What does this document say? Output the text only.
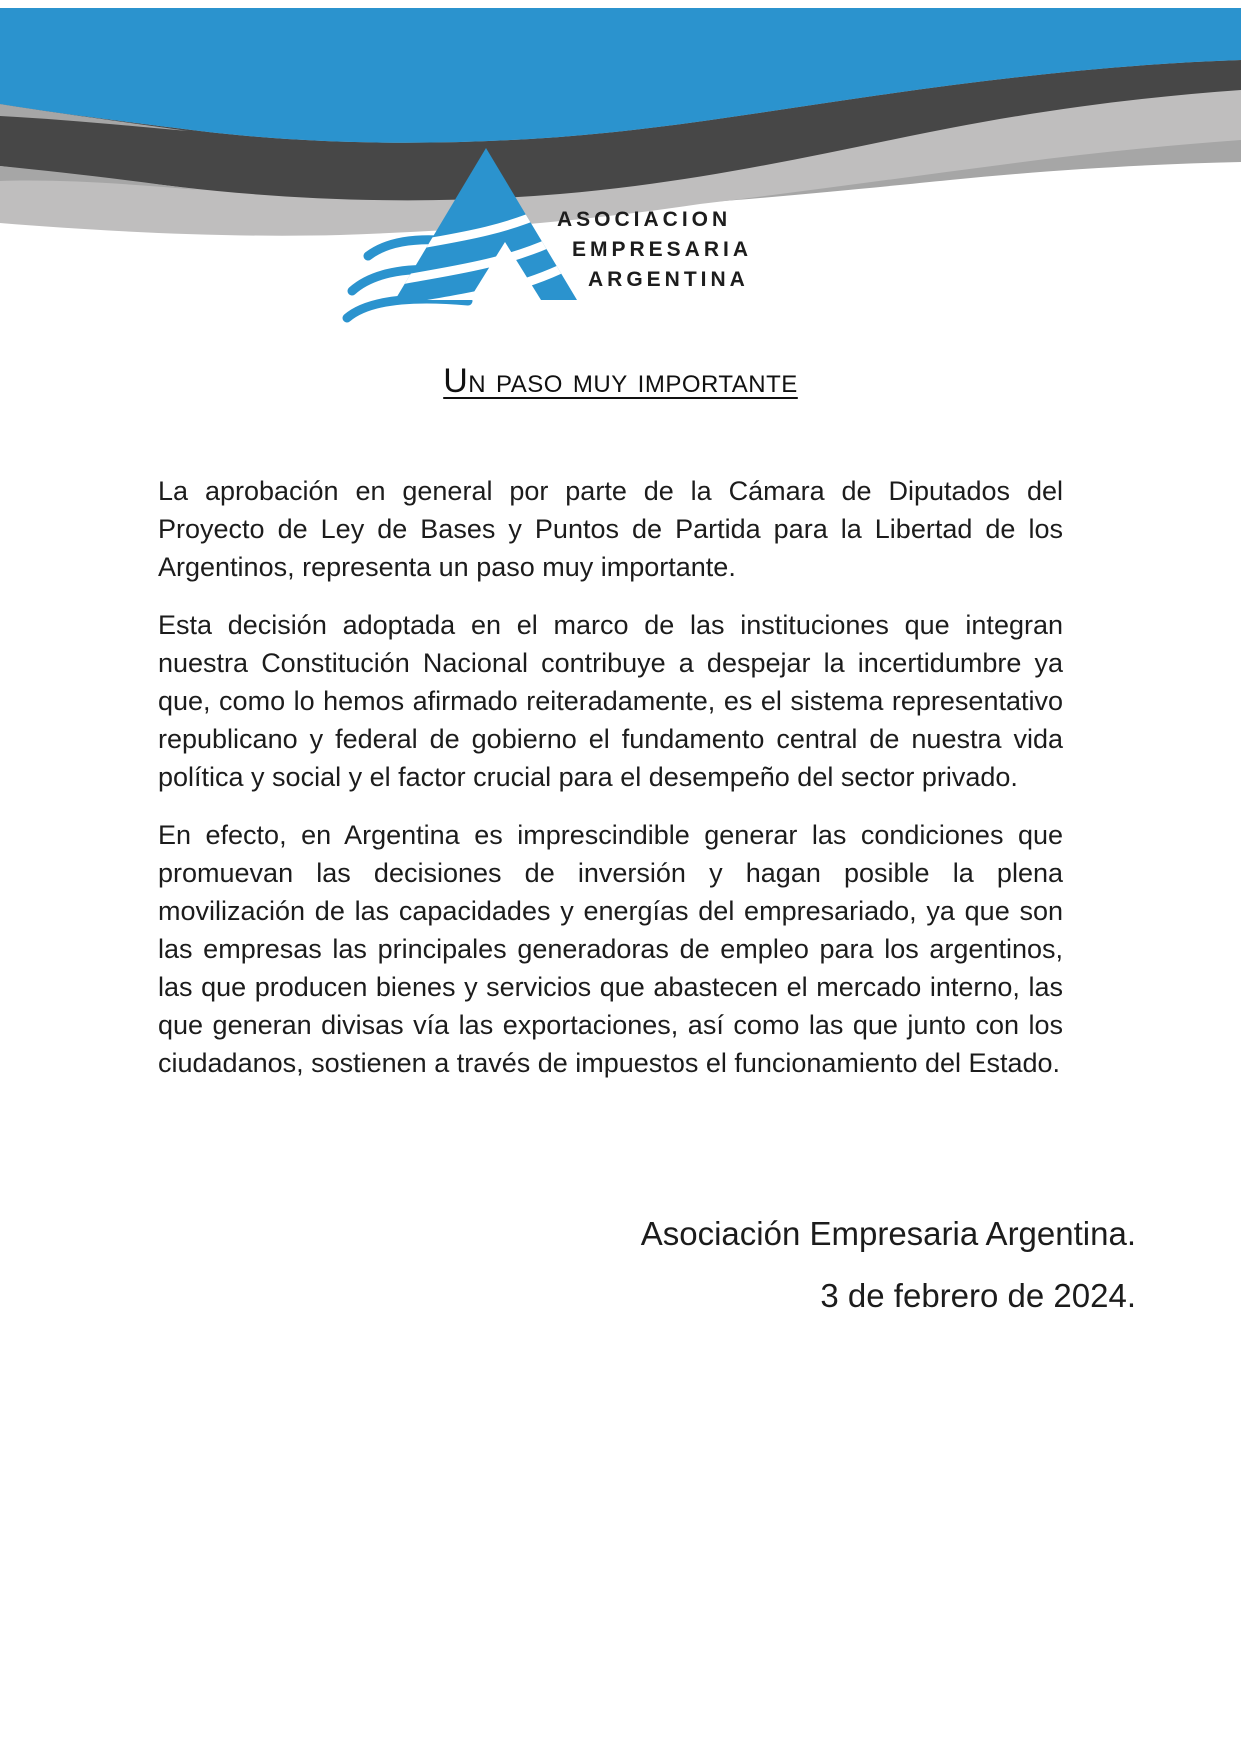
ASOCIACION
EMPRESARIA
ARGENTINA
Un paso muy importante

La aprobación en general por parte de la Cámara de Diputados del Proyecto de Ley de Bases y Puntos de Partida para la Libertad de los Argentinos, representa un paso muy importante.

Esta decisión adoptada en el marco de las instituciones que integran nuestra Constitución Nacional contribuye a despejar la incertidumbre ya que, como lo hemos afirmado reiteradamente, es el sistema representativo republicano y federal de gobierno el fundamento central de nuestra vida política y social y el factor crucial para el desempeño del sector privado.

En efecto, en Argentina es imprescindible generar las condiciones que promuevan las decisiones de inversión y hagan posible la plena movilización de las capacidades y energías del empresariado, ya que son las empresas las principales generadoras de empleo para los argentinos, las que producen bienes y servicios que abastecen el mercado interno, las que generan divisas vía las exportaciones, así como las que junto con los ciudadanos, sostienen a través de impuestos el funcionamiento del Estado.

Asociación Empresaria Argentina.
3 de febrero de 2024.
